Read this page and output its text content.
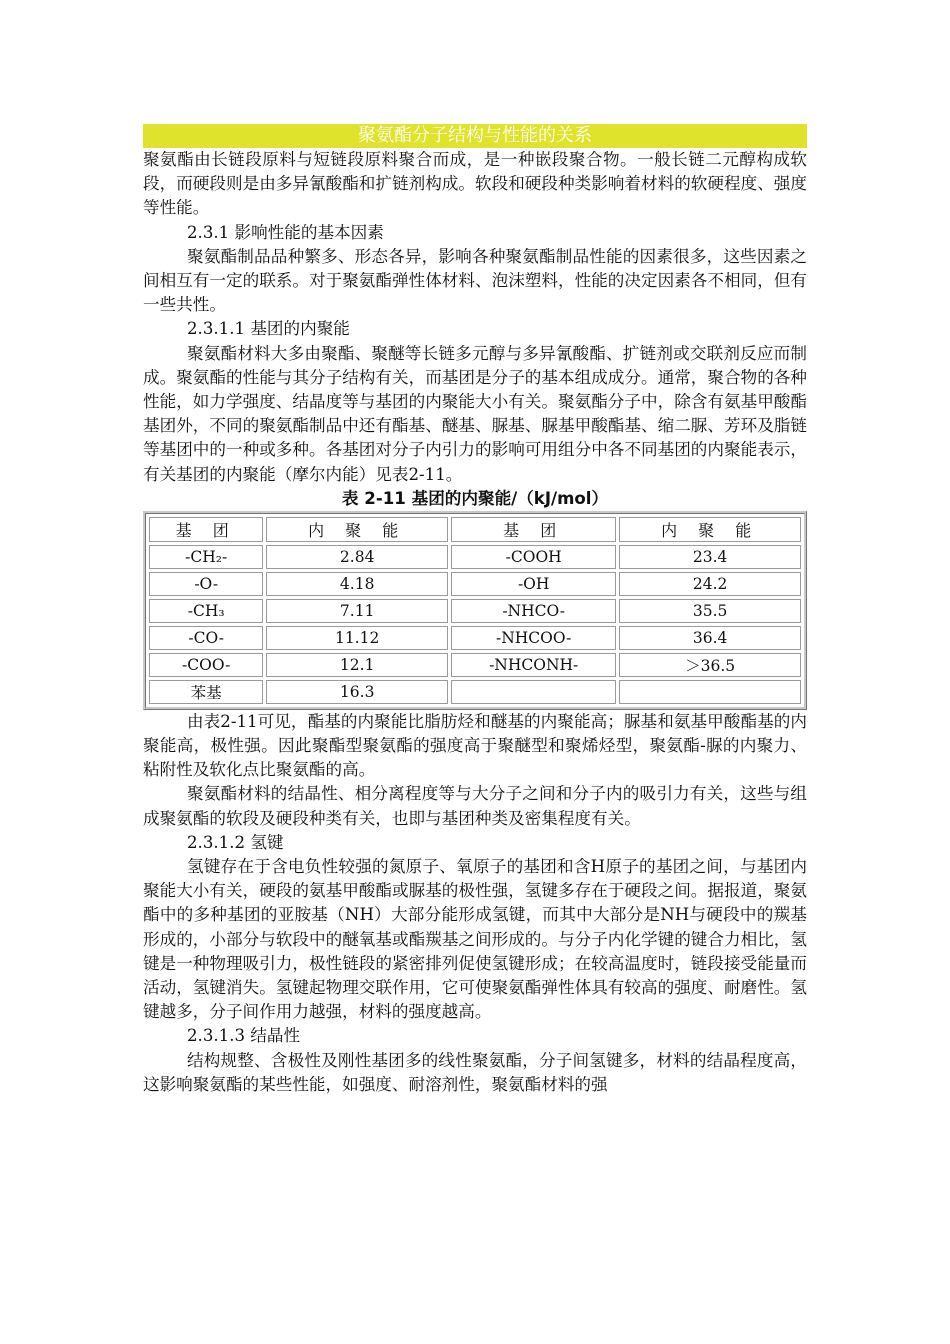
聚氨酯分子结构与性能的关系

聚氨酯由长链段原料与短链段原料聚合而成，是一种嵌段聚合物。一般长链二元醇构成软段，而硬段则是由多异氰酸酯和扩链剂构成。软段和硬段种类影响着材料的软硬程度、强度等性能。

2.3.1 影响性能的基本因素

聚氨酯制品品种繁多、形态各异，影响各种聚氨酯制品性能的因素很多，这些因素之间相互有一定的联系。对于聚氨酯弹性体材料、泡沫塑料，性能的决定因素各不相同，但有一些共性。

2.3.1.1 基团的内聚能

聚氨酯材料大多由聚酯、聚醚等长链多元醇与多异氰酸酯、扩链剂或交联剂反应而制成。聚氨酯的性能与其分子结构有关，而基团是分子的基本组成成分。通常，聚合物的各种性能，如力学强度、结晶度等与基团的内聚能大小有关。聚氨酯分子中，除含有氨基甲酸酯基团外，不同的聚氨酯制品中还有酯基、醚基、脲基、脲基甲酸酯基、缩二脲、芳环及脂链等基团中的一种或多种。各基团对分子内引力的影响可用组分中各不同基团的内聚能表示，有关基团的内聚能（摩尔内能）见表2-11。

表 2-11 基团的内聚能/（kJ/mol）
基 团	内 聚 能	基 团	内 聚 能
-CH₂-	2.84	-COOH	23.4
-O-	4.18	-OH	24.2
-CH₃	7.11	-NHCO-	35.5
-CO-	11.12	-NHCOO-	36.4
-COO-	12.1	-NHCONH-	＞36.5
苯基	16.3		

由表2-11可见，酯基的内聚能比脂肪烃和醚基的内聚能高；脲基和氨基甲酸酯基的内聚能高，极性强。因此聚酯型聚氨酯的强度高于聚醚型和聚烯烃型，聚氨酯-脲的内聚力、粘附性及软化点比聚氨酯的高。

聚氨酯材料的结晶性、相分离程度等与大分子之间和分子内的吸引力有关，这些与组成聚氨酯的软段及硬段种类有关，也即与基团种类及密集程度有关。

2.3.1.2 氢键

氢键存在于含电负性较强的氮原子、氧原子的基团和含H原子的基团之间，与基团内聚能大小有关，硬段的氨基甲酸酯或脲基的极性强，氢键多存在于硬段之间。据报道，聚氨酯中的多种基团的亚胺基（NH）大部分能形成氢键，而其中大部分是NH与硬段中的羰基形成的，小部分与软段中的醚氧基或酯羰基之间形成的。与分子内化学键的键合力相比，氢键是一种物理吸引力，极性链段的紧密排列促使氢键形成；在较高温度时，链段接受能量而活动，氢键消失。氢键起物理交联作用，它可使聚氨酯弹性体具有较高的强度、耐磨性。氢键越多，分子间作用力越强，材料的强度越高。

2.3.1.3 结晶性

结构规整、含极性及刚性基团多的线性聚氨酯，分子间氢键多，材料的结晶程度高，这影响聚氨酯的某些性能，如强度、耐溶剂性，聚氨酯材料的强
